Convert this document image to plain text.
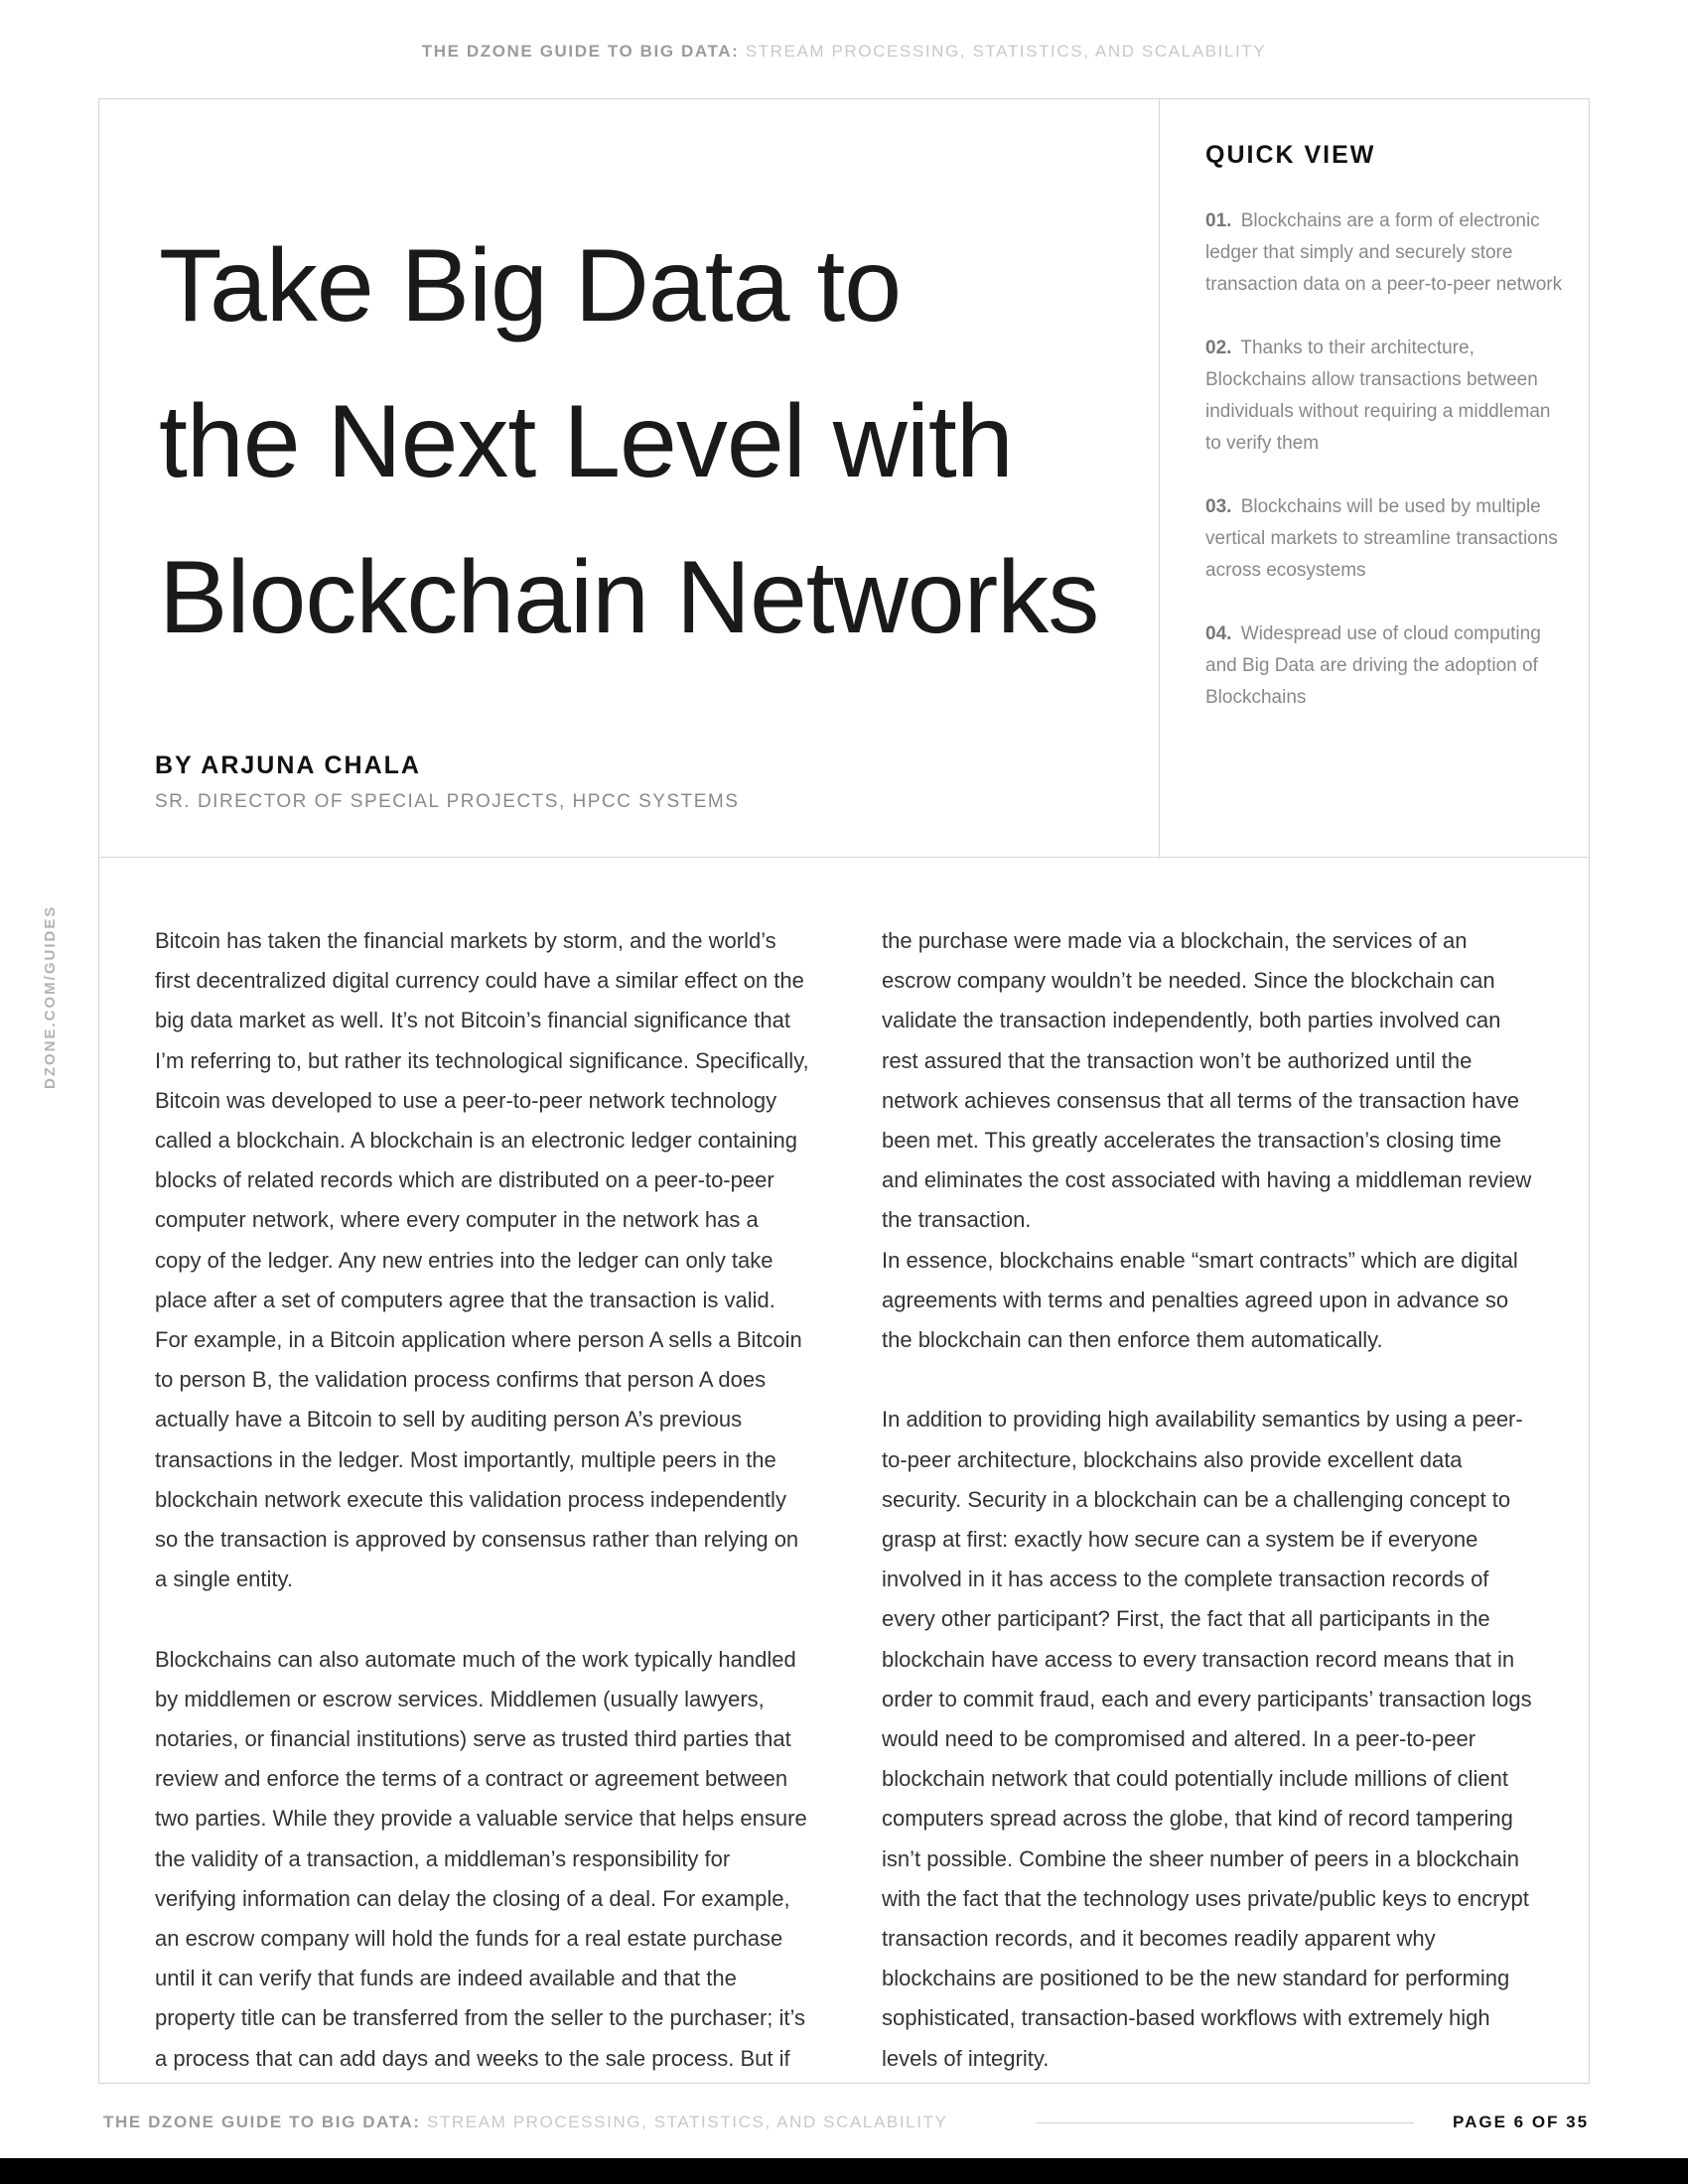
THE DZONE GUIDE TO BIG DATA: STREAM PROCESSING, STATISTICS, AND SCALABILITY
DZONE.COM/GUIDES
Take Big Data to
the Next Level with
Blockchain Networks
BY ARJUNA CHALA
SR. DIRECTOR OF SPECIAL PROJECTS, HPCC SYSTEMS
QUICK VIEW
01. Blockchains are a form of electronic ledger that simply and securely store transaction data on a peer-to-peer network
02. Thanks to their architecture, Blockchains allow transactions between individuals without requiring a middleman to verify them
03. Blockchains will be used by multiple vertical markets to streamline transactions across ecosystems
04. Widespread use of cloud computing and Big Data are driving the adoption of Blockchains

Bitcoin has taken the financial markets by storm, and the world’s first decentralized digital currency could have a similar effect on the big data market as well. It’s not Bitcoin’s financial significance that I’m referring to, but rather its technological significance. Specifically, Bitcoin was developed to use a peer-to-peer network technology called a blockchain. A blockchain is an electronic ledger containing blocks of related records which are distributed on a peer-to-peer computer network, where every computer in the network has a copy of the ledger. Any new entries into the ledger can only take place after a set of computers agree that the transaction is valid. For example, in a Bitcoin application where person A sells a Bitcoin to person B, the validation process confirms that person A does actually have a Bitcoin to sell by auditing person A’s previous transactions in the ledger. Most importantly, multiple peers in the blockchain network execute this validation process independently so the transaction is approved by consensus rather than relying on a single entity.

Blockchains can also automate much of the work typically handled by middlemen or escrow services. Middlemen (usually lawyers, notaries, or financial institutions) serve as trusted third parties that review and enforce the terms of a contract or agreement between two parties. While they provide a valuable service that helps ensure the validity of a transaction, a middleman’s responsibility for verifying information can delay the closing of a deal. For example, an escrow company will hold the funds for a real estate purchase until it can verify that funds are indeed available and that the property title can be transferred from the seller to the purchaser; it’s a process that can add days and weeks to the sale process. But if

the purchase were made via a blockchain, the services of an escrow company wouldn’t be needed. Since the blockchain can validate the transaction independently, both parties involved can rest assured that the transaction won’t be authorized until the network achieves consensus that all terms of the transaction have been met. This greatly accelerates the transaction’s closing time and eliminates the cost associated with having a middleman review the transaction.

In essence, blockchains enable “smart contracts” which are digital agreements with terms and penalties agreed upon in advance so the blockchain can then enforce them automatically.

In addition to providing high availability semantics by using a peer-to-peer architecture, blockchains also provide excellent data security. Security in a blockchain can be a challenging concept to grasp at first: exactly how secure can a system be if everyone involved in it has access to the complete transaction records of every other participant? First, the fact that all participants in the blockchain have access to every transaction record means that in order to commit fraud, each and every participants’ transaction logs would need to be compromised and altered. In a peer-to-peer blockchain network that could potentially include millions of client computers spread across the globe, that kind of record tampering isn’t possible. Combine the sheer number of peers in a blockchain with the fact that the technology uses private/public keys to encrypt transaction records, and it becomes readily apparent why blockchains are positioned to be the new standard for performing sophisticated, transaction-based workflows with extremely high levels of integrity.

THE DZONE GUIDE TO BIG DATA: STREAM PROCESSING, STATISTICS, AND SCALABILITY	PAGE 6 OF 35
